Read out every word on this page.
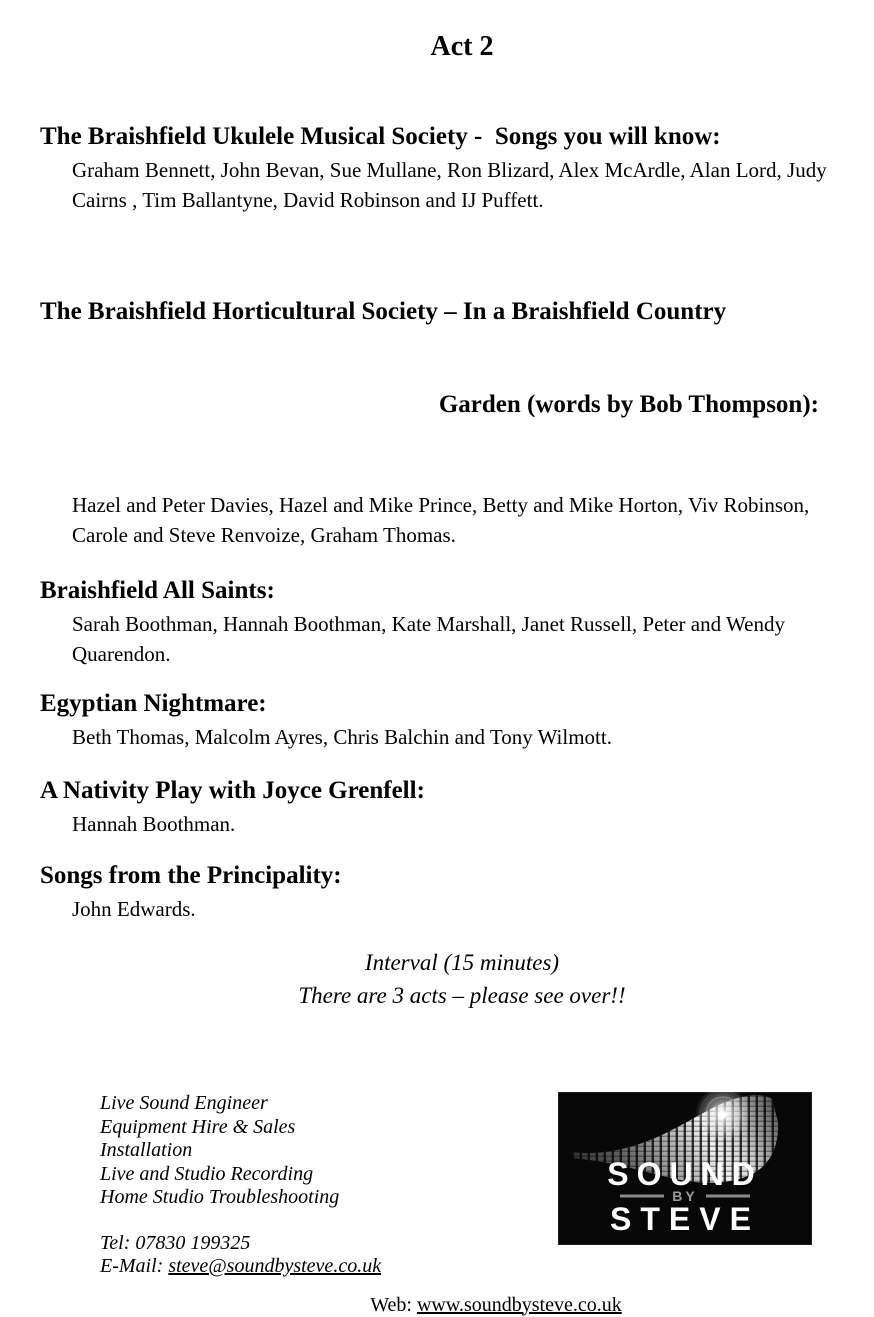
Act 2
The Braishfield Ukulele Musical Society -  Songs you will know:

Graham Bennett, John Bevan, Sue Mullane, Ron Blizard, Alex McArdle, Alan Lord, Judy Cairns , Tim Ballantyne, David Robinson and IJ Puffett.

The Braishfield Horticultural Society – In a Braishfield Country

Garden (words by Bob Thompson):

Hazel and Peter Davies, Hazel and Mike Prince, Betty and Mike Horton, Viv Robinson, Carole and Steve Renvoize, Graham Thomas.

Braishfield All Saints:

Sarah Boothman, Hannah Boothman, Kate Marshall, Janet Russell, Peter and Wendy Quarendon.

Egyptian Nightmare:

Beth Thomas, Malcolm Ayres, Chris Balchin and Tony Wilmott.

A Nativity Play with Joyce Grenfell:

Hannah Boothman.

Songs from the Principality:

John Edwards.

Interval (15 minutes)

There are 3 acts – please see over!!

Live Sound Engineer

Equipment Hire & Sales

Installation

Live and Studio Recording

Home Studio Troubleshooting

Tel: 07830 199325

E-Mail: steve@soundbysteve.co.uk

SOUND
BY
STEVE

Web: www.soundbysteve.co.uk
